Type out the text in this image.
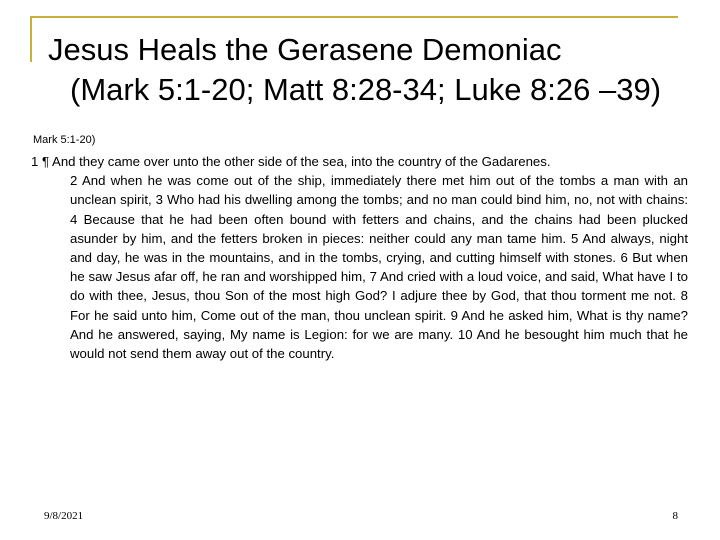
Jesus Heals the Gerasene Demoniac
(Mark 5:1-20; Matt 8:28-34; Luke 8:26 –39)
Mark 5:1-20)
1 ¶ And they came over unto the other side of the sea, into the country of the Gadarenes.
2 And when he was come out of the ship, immediately there met him out of the tombs a man with an unclean spirit, 3 Who had his dwelling among the tombs; and no man could bind him, no, not with chains: 4 Because that he had been often bound with fetters and chains, and the chains had been plucked asunder by him, and the fetters broken in pieces: neither could any man tame him. 5 And always, night and day, he was in the mountains, and in the tombs, crying, and cutting himself with stones. 6 But when he saw Jesus afar off, he ran and worshipped him, 7 And cried with a loud voice, and said, What have I to do with thee, Jesus, thou Son of the most high God? I adjure thee by God, that thou torment me not. 8 For he said unto him, Come out of the man, thou unclean spirit. 9 And he asked him, What is thy name? And he answered, saying, My name is Legion: for we are many. 10 And he besought him much that he would not send them away out of the country.
9/8/2021	8
